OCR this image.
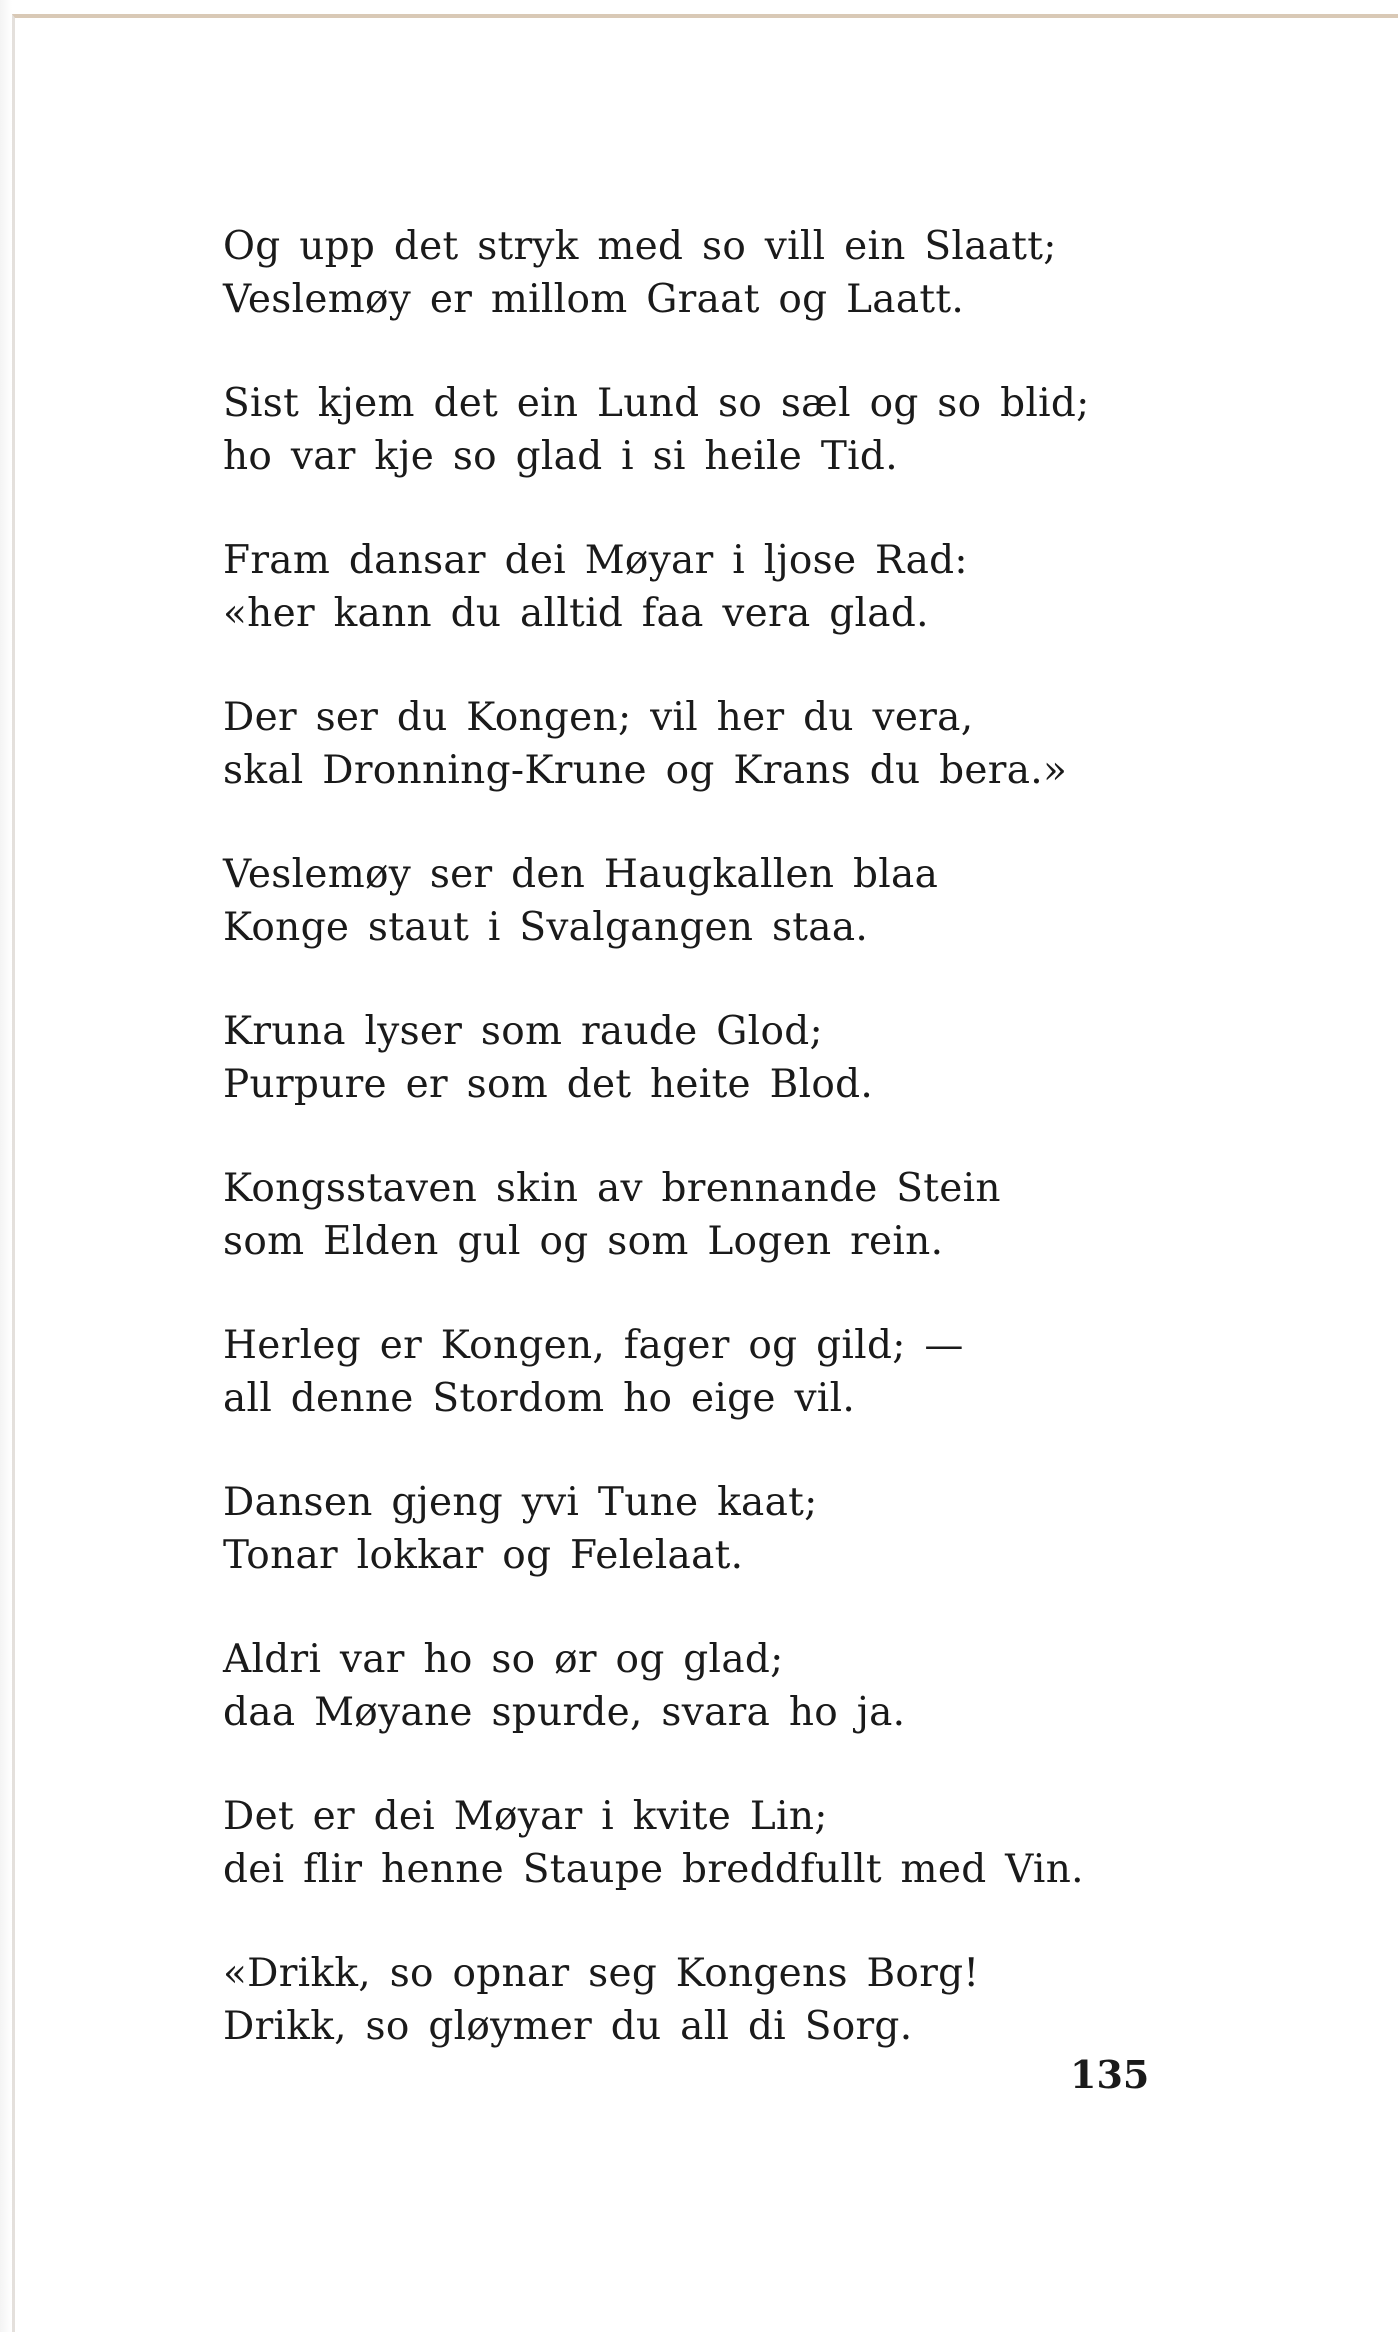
Og upp det stryk med so vill ein Slaatt;
Veslemøy er millom Graat og Laatt.
Sist kjem det ein Lund so sæl og so blid;
ho var kje so glad i si heile Tid.
Fram dansar dei Møyar i ljose Rad:
«her kann du alltid faa vera glad.
Der ser du Kongen; vil her du vera,
skal Dronning-Krune og Krans du bera.»
Veslemøy ser den Haugkallen blaa
Konge staut i Svalgangen staa.
Kruna lyser som raude Glod;
Purpure er som det heite Blod.
Kongsstaven skin av brennande Stein
som Elden gul og som Logen rein.
Herleg er Kongen, fager og gild; —
all denne Stordom ho eige vil.
Dansen gjeng yvi Tune kaat;
Tonar lokkar og Felelaat.
Aldri var ho so ør og glad;
daa Møyane spurde, svara ho ja.
Det er dei Møyar i kvite Lin;
dei flir henne Staupe breddfullt med Vin.
«Drikk, so opnar seg Kongens Borg!
Drikk, so gløymer du all di Sorg.
135
